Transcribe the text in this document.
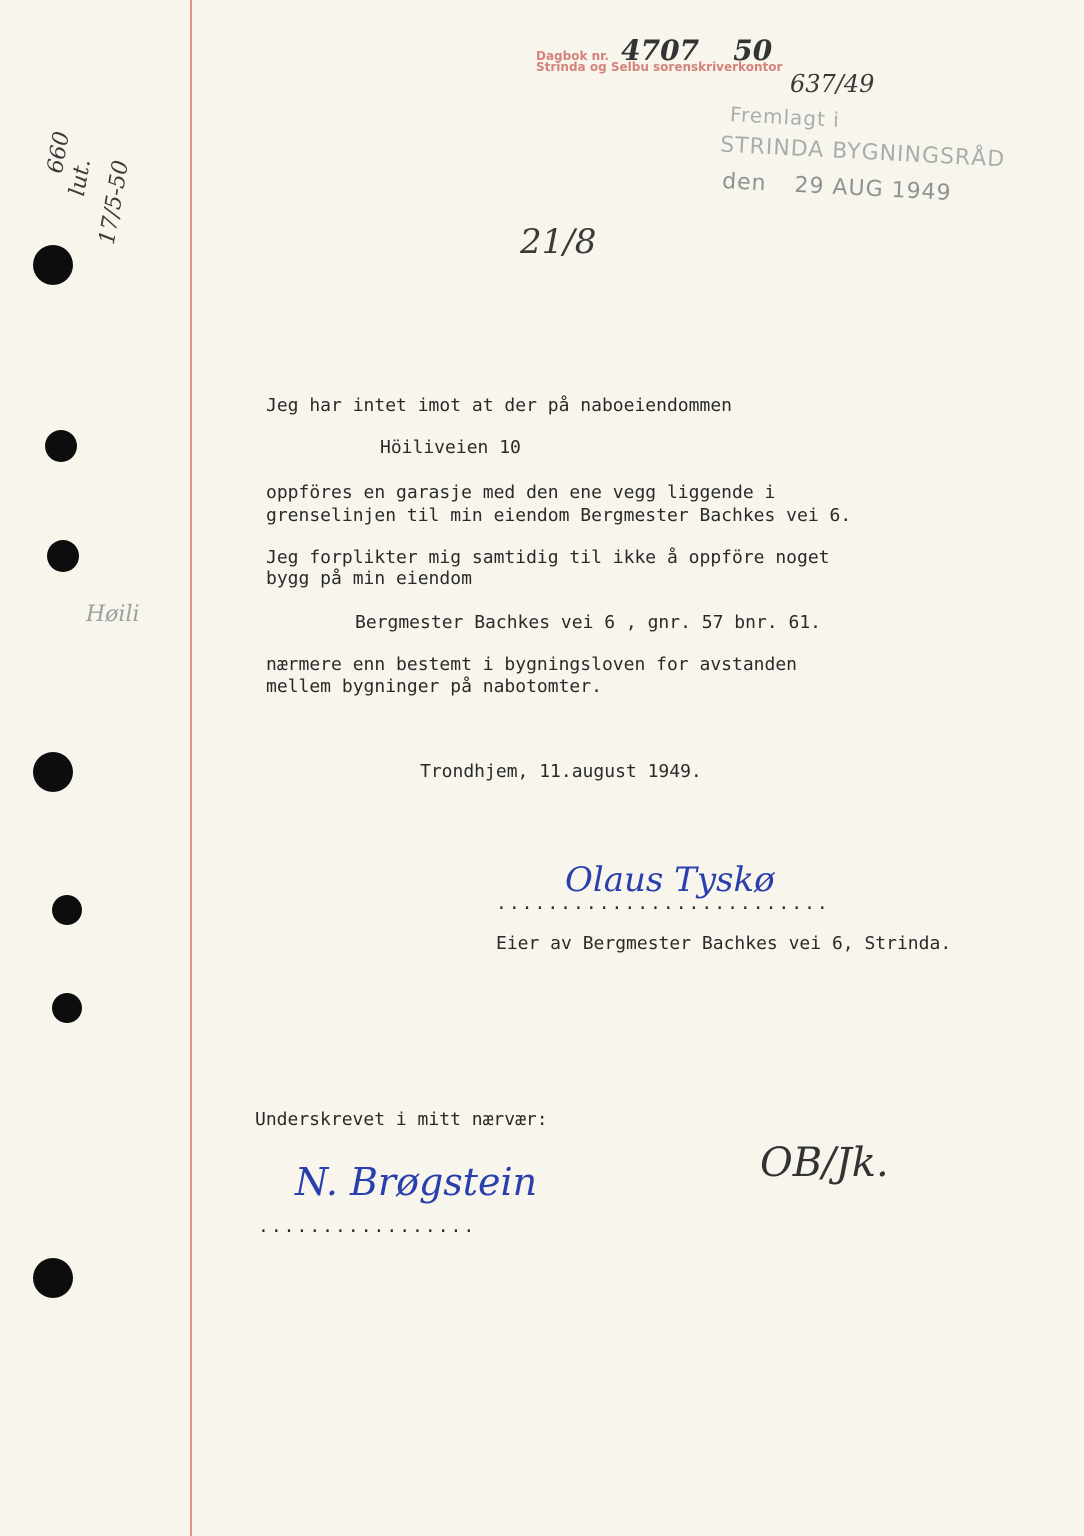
Dagbok nr. 4707 50
Strinda og Selbu sorenskriverkontor
637/49
Fremlagt i
STRINDA BYGNINGSRÅD
den 29 AUG 1949
660
lut.
17/5-50
Høili
21/8
Jeg har intet imot at der på naboeiendommen
Höiliveien 10
oppföres en garasje med den ene vegg liggende i
grenselinjen til min eiendom Bergmester Bachkes vei 6.
Jeg forplikter mig samtidig til ikke å oppföre noget
bygg på min eiendom
Bergmester Bachkes vei 6 , gnr. 57 bnr. 61.
nærmere enn bestemt i bygningsloven for avstanden
mellem bygninger på nabotomter.
Trondhjem, 11.august 1949.
Olaus Tyskø
..........................
Eier av Bergmester Bachkes vei 6, Strinda.
Underskrevet i mitt nærvær:
N. Brøgstein
.................
OB/Jk.
